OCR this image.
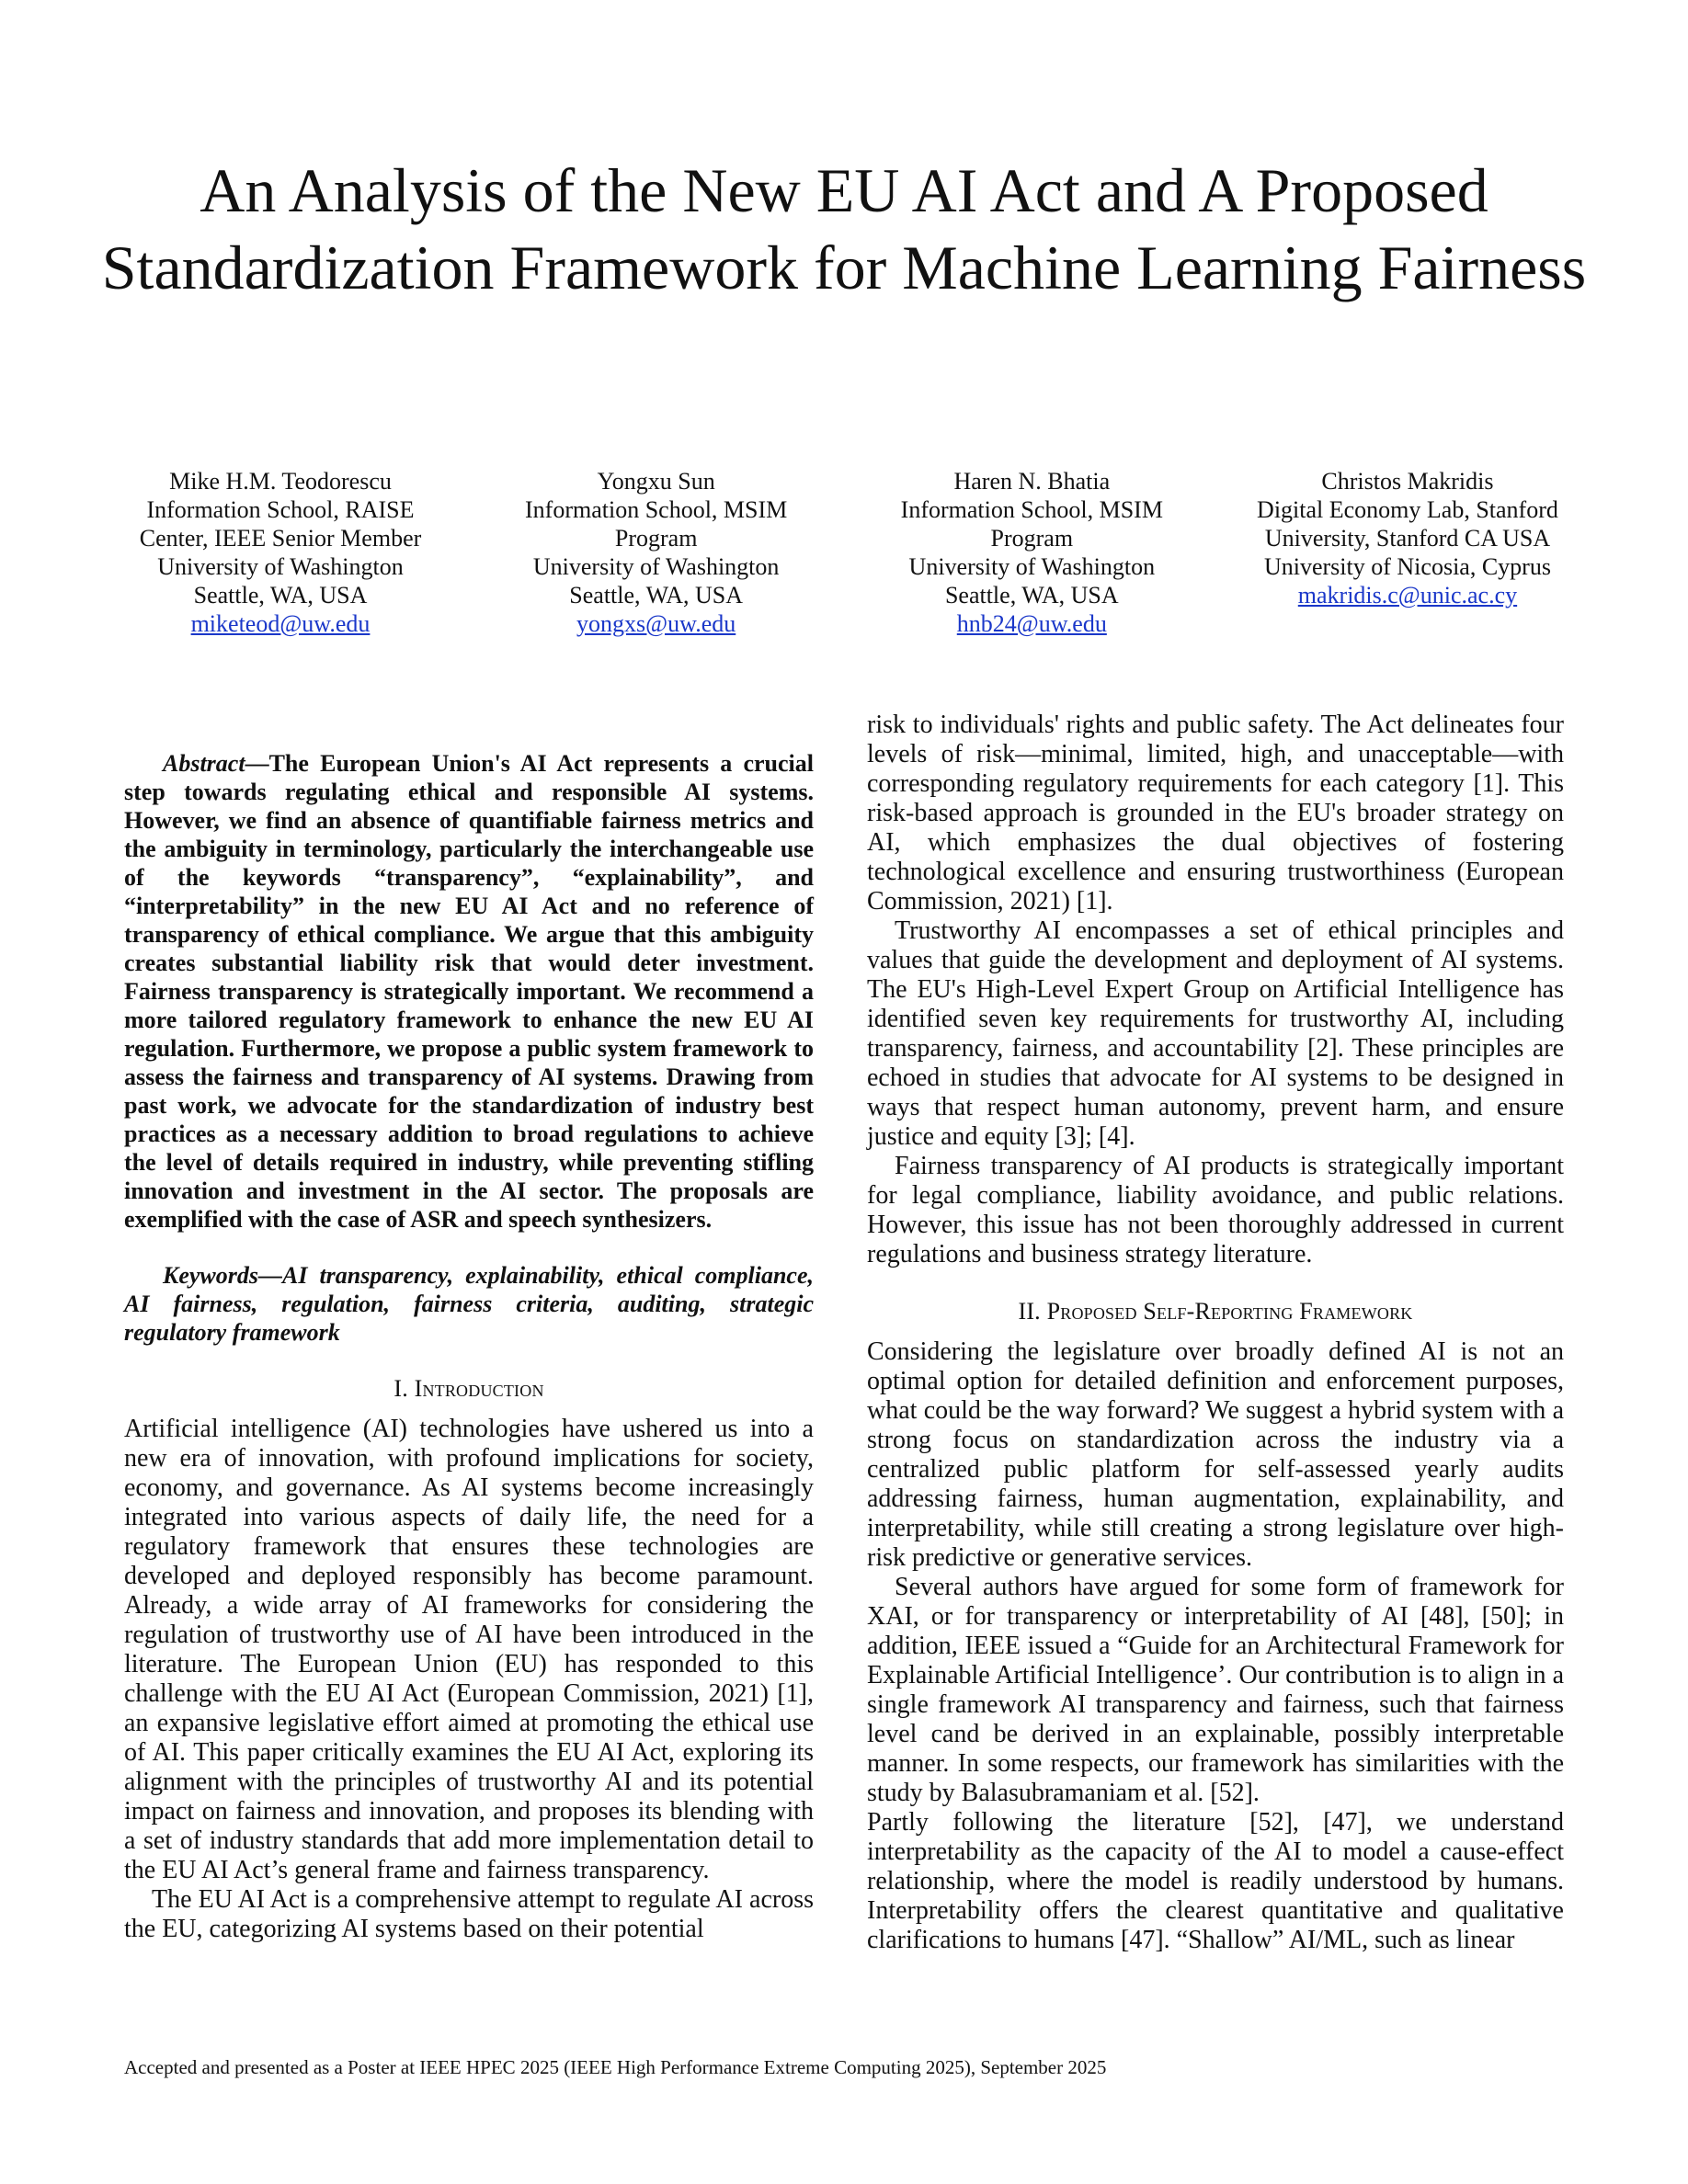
An Analysis of the New EU AI Act and A Proposed Standardization Framework for Machine Learning Fairness
Mike H.M. Teodorescu
Information School, RAISE
Center, IEEE Senior Member
University of Washington
Seattle, WA, USA
miketeod@uw.edu
Yongxu Sun
Information School, MSIM
Program
University of Washington
Seattle, WA, USA
yongxs@uw.edu
Haren N. Bhatia
Information School, MSIM
Program
University of Washington
Seattle, WA, USA
hnb24@uw.edu
Christos Makridis
Digital Economy Lab, Stanford
University, Stanford CA USA
University of Nicosia, Cyprus
makridis.c@unic.ac.cy

Abstract—The European Union's AI Act represents a crucial step towards regulating ethical and responsible AI systems. However, we find an absence of quantifiable fairness metrics and the ambiguity in terminology, particularly the interchangeable use of the keywords “transparency”, “explainability”, and “interpretability” in the new EU AI Act and no reference of transparency of ethical compliance. We argue that this ambiguity creates substantial liability risk that would deter investment. Fairness transparency is strategically important. We recommend a more tailored regulatory framework to enhance the new EU AI regulation. Furthermore, we propose a public system framework to assess the fairness and transparency of AI systems. Drawing from past work, we advocate for the standardization of industry best practices as a necessary addition to broad regulations to achieve the level of details required in industry, while preventing stifling innovation and investment in the AI sector. The proposals are exemplified with the case of ASR and speech synthesizers.

Keywords—AI transparency, explainability, ethical compliance, AI fairness, regulation, fairness criteria, auditing, strategic regulatory framework

I. Introduction

Artificial intelligence (AI) technologies have ushered us into a new era of innovation, with profound implications for society, economy, and governance. As AI systems become increasingly integrated into various aspects of daily life, the need for a regulatory framework that ensures these technologies are developed and deployed responsibly has become paramount. Already, a wide array of AI frameworks for considering the regulation of trustworthy use of AI have been introduced in the literature. The European Union (EU) has responded to this challenge with the EU AI Act (European Commission, 2021) [1], an expansive legislative effort aimed at promoting the ethical use of AI. This paper critically examines the EU AI Act, exploring its alignment with the principles of trustworthy AI and its potential impact on fairness and innovation, and proposes its blending with a set of industry standards that add more implementation detail to the EU AI Act’s general frame and fairness transparency.

The EU AI Act is a comprehensive attempt to regulate AI across the EU, categorizing AI systems based on their potential

risk to individuals' rights and public safety. The Act delineates four levels of risk—minimal, limited, high, and unacceptable—with corresponding regulatory requirements for each category [1]. This risk-based approach is grounded in the EU's broader strategy on AI, which emphasizes the dual objectives of fostering technological excellence and ensuring trustworthiness (European Commission, 2021) [1].

Trustworthy AI encompasses a set of ethical principles and values that guide the development and deployment of AI systems. The EU's High-Level Expert Group on Artificial Intelligence has identified seven key requirements for trustworthy AI, including transparency, fairness, and accountability [2]. These principles are echoed in studies that advocate for AI systems to be designed in ways that respect human autonomy, prevent harm, and ensure justice and equity [3]; [4].

Fairness transparency of AI products is strategically important for legal compliance, liability avoidance, and public relations. However, this issue has not been thoroughly addressed in current regulations and business strategy literature.

II. Proposed Self-Reporting Framework

Considering the legislature over broadly defined AI is not an optimal option for detailed definition and enforcement purposes, what could be the way forward? We suggest a hybrid system with a strong focus on standardization across the industry via a centralized public platform for self-assessed yearly audits addressing fairness, human augmentation, explainability, and interpretability, while still creating a strong legislature over high-risk predictive or generative services.

Several authors have argued for some form of framework for XAI, or for transparency or interpretability of AI [48], [50]; in addition, IEEE issued a “Guide for an Architectural Framework for Explainable Artificial Intelligence’. Our contribution is to align in a single framework AI transparency and fairness, such that fairness level cand be derived in an explainable, possibly interpretable manner. In some respects, our framework has similarities with the study by Balasubramaniam et al. [52].

Partly following the literature [52], [47], we understand interpretability as the capacity of the AI to model a cause-effect relationship, where the model is readily understood by humans. Interpretability offers the clearest quantitative and qualitative clarifications to humans [47]. “Shallow” AI/ML, such as linear

Accepted and presented as a Poster at IEEE HPEC 2025 (IEEE High Performance Extreme Computing 2025), September 2025
